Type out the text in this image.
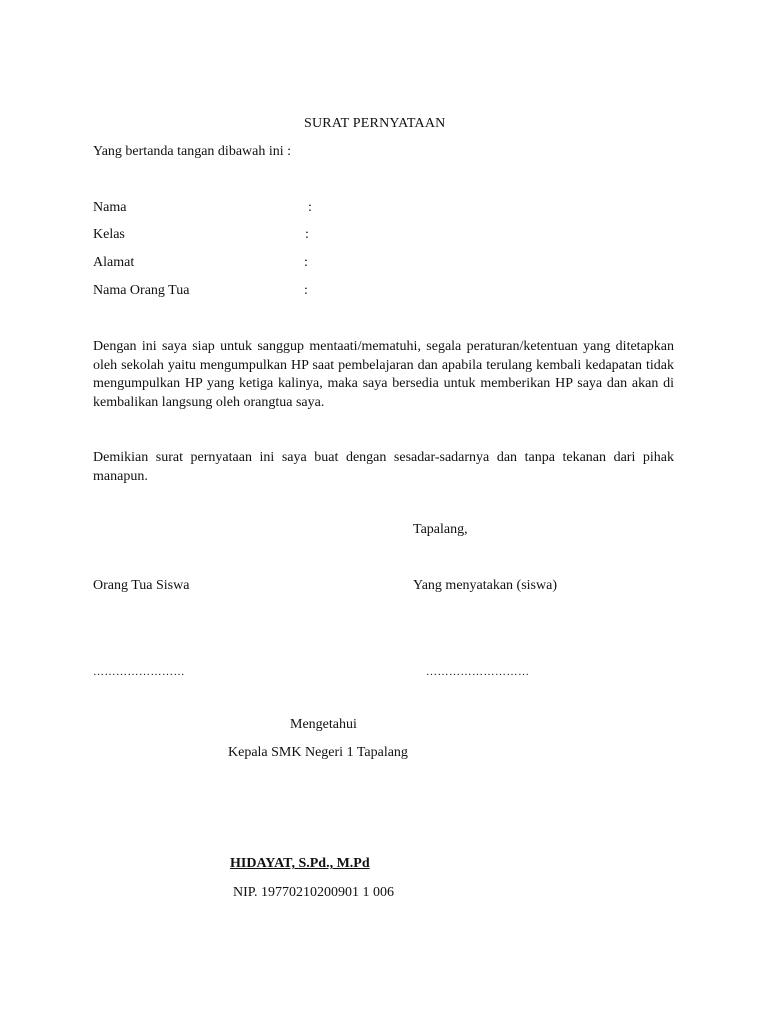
SURAT PERNYATAAN
Yang bertanda tangan dibawah ini :
Nama	:
Kelas	:
Alamat	:
Nama Orang Tua	:
Dengan ini saya siap untuk sanggup mentaati/mematuhi, segala peraturan/ketentuan yang ditetapkan oleh sekolah yaitu mengumpulkan HP saat pembelajaran dan apabila terulang kembali kedapatan tidak mengumpulkan HP yang ketiga kalinya, maka saya bersedia untuk memberikan HP saya dan akan di kembalikan langsung oleh orangtua saya.
Demikian surat pernyataan ini saya buat dengan sesadar-sadarnya dan tanpa tekanan dari pihak manapun.
Tapalang,
Orang Tua Siswa	Yang menyatakan (siswa)
……………………	………………………
Mengetahui
Kepala SMK Negeri 1 Tapalang
HIDAYAT, S.Pd., M.Pd
NIP. 19770210200901 1 006
